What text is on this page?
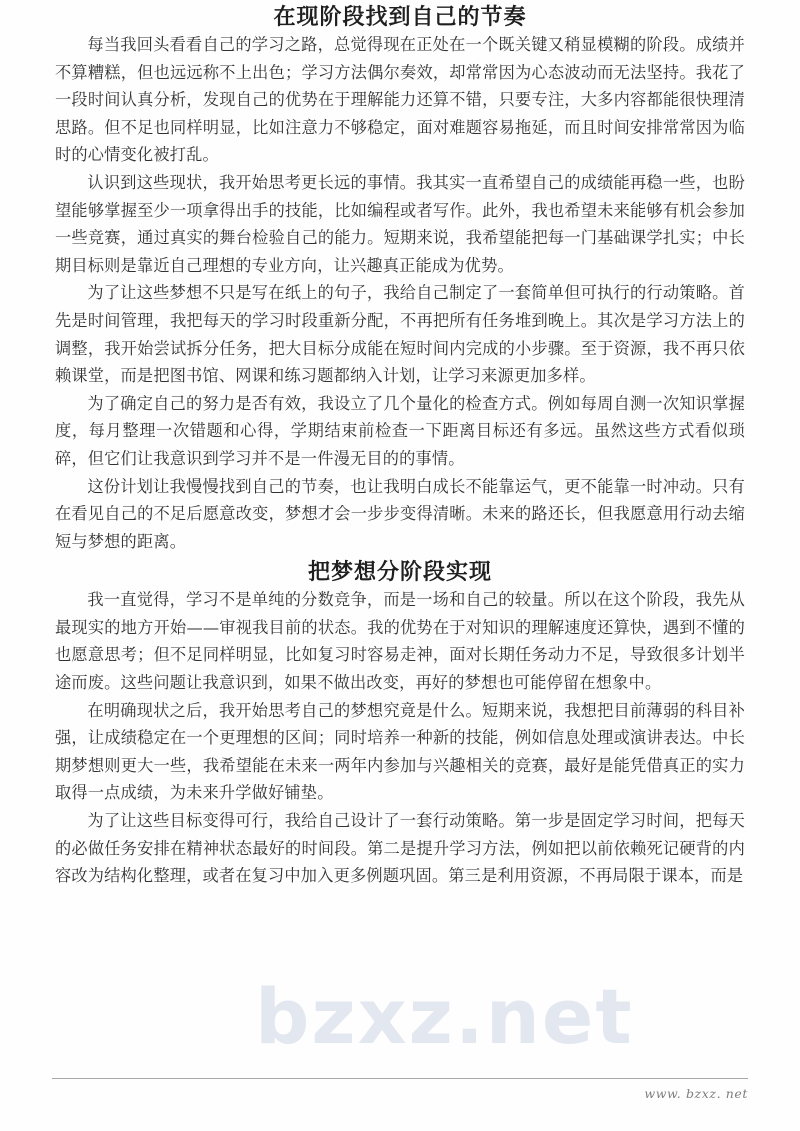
bzxz.net
在现阶段找到自己的节奏

每当我回头看看自己的学习之路，总觉得现在正处在一个既关键又稍显模糊的阶段。成绩并不算糟糕，但也远远称不上出色；学习方法偶尔奏效，却常常因为心态波动而无法坚持。我花了一段时间认真分析，发现自己的优势在于理解能力还算不错，只要专注，大多内容都能很快理清思路。但不足也同样明显，比如注意力不够稳定，面对难题容易拖延，而且时间安排常常因为临时的心情变化被打乱。

认识到这些现状，我开始思考更长远的事情。我其实一直希望自己的成绩能再稳一些，也盼望能够掌握至少一项拿得出手的技能，比如编程或者写作。此外，我也希望未来能够有机会参加一些竞赛，通过真实的舞台检验自己的能力。短期来说，我希望能把每一门基础课学扎实；中长期目标则是靠近自己理想的专业方向，让兴趣真正能成为优势。

为了让这些梦想不只是写在纸上的句子，我给自己制定了一套简单但可执行的行动策略。首先是时间管理，我把每天的学习时段重新分配，不再把所有任务堆到晚上。其次是学习方法上的调整，我开始尝试拆分任务，把大目标分成能在短时间内完成的小步骤。至于资源，我不再只依赖课堂，而是把图书馆、网课和练习题都纳入计划，让学习来源更加多样。

为了确定自己的努力是否有效，我设立了几个量化的检查方式。例如每周自测一次知识掌握度，每月整理一次错题和心得，学期结束前检查一下距离目标还有多远。虽然这些方式看似琐碎，但它们让我意识到学习并不是一件漫无目的的事情。

这份计划让我慢慢找到自己的节奏，也让我明白成长不能靠运气，更不能靠一时冲动。只有在看见自己的不足后愿意改变，梦想才会一步步变得清晰。未来的路还长，但我愿意用行动去缩短与梦想的距离。

把梦想分阶段实现

我一直觉得，学习不是单纯的分数竞争，而是一场和自己的较量。所以在这个阶段，我先从最现实的地方开始——审视我目前的状态。我的优势在于对知识的理解速度还算快，遇到不懂的也愿意思考；但不足同样明显，比如复习时容易走神，面对长期任务动力不足，导致很多计划半途而废。这些问题让我意识到，如果不做出改变，再好的梦想也可能停留在想象中。

在明确现状之后，我开始思考自己的梦想究竟是什么。短期来说，我想把目前薄弱的科目补强，让成绩稳定在一个更理想的区间；同时培养一种新的技能，例如信息处理或演讲表达。中长期梦想则更大一些，我希望能在未来一两年内参加与兴趣相关的竞赛，最好是能凭借真正的实力取得一点成绩，为未来升学做好铺垫。

为了让这些目标变得可行，我给自己设计了一套行动策略。第一步是固定学习时间，把每天的必做任务安排在精神状态最好的时间段。第二是提升学习方法，例如把以前依赖死记硬背的内容改为结构化整理，或者在复习中加入更多例题巩固。第三是利用资源，不再局限于课本，而是

www. bzxz. net
